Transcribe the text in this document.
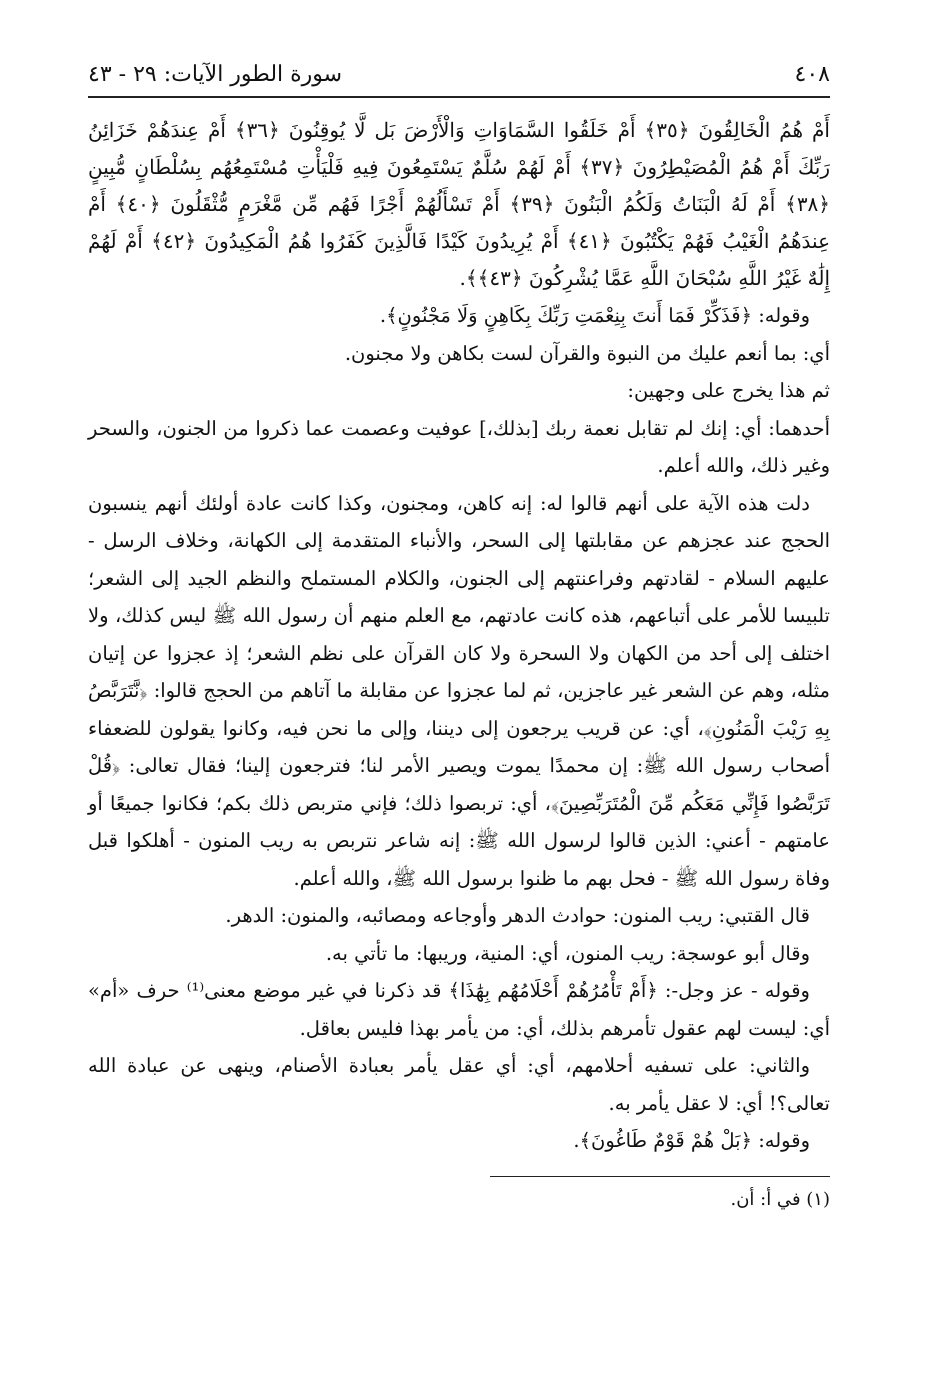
٤٠٨
سورة الطور الآيات: ٢٩ - ٤٣
أَمْ هُمُ الْخَالِقُونَ ﴿٣٥﴾ أَمْ خَلَقُوا السَّمَاوَاتِ وَالْأَرْضَ بَل لَّا يُوقِنُونَ ﴿٣٦﴾ أَمْ عِندَهُمْ خَزَائِنُ رَبِّكَ أَمْ هُمُ الْمُصَيْطِرُونَ ﴿٣٧﴾ أَمْ لَهُمْ سُلَّمٌ يَسْتَمِعُونَ فِيهِ فَلْيَأْتِ مُسْتَمِعُهُم بِسُلْطَانٍ مُّبِينٍ ﴿٣٨﴾ أَمْ لَهُ الْبَنَاتُ وَلَكُمُ الْبَنُونَ ﴿٣٩﴾ أَمْ تَسْأَلُهُمْ أَجْرًا فَهُم مِّن مَّغْرَمٍ مُّثْقَلُونَ ﴿٤٠﴾ أَمْ عِندَهُمُ الْغَيْبُ فَهُمْ يَكْتُبُونَ ﴿٤١﴾ أَمْ يُرِيدُونَ كَيْدًا فَالَّذِينَ كَفَرُوا هُمُ الْمَكِيدُونَ ﴿٤٢﴾ أَمْ لَهُمْ إِلَٰهٌ غَيْرُ اللَّهِ سُبْحَانَ اللَّهِ عَمَّا يُشْرِكُونَ ﴿٤٣﴾﴾.

وقوله: ﴿فَذَكِّرْ فَمَا أَنتَ بِنِعْمَتِ رَبِّكَ بِكَاهِنٍ وَلَا مَجْنُونٍ﴾.

أي: بما أنعم عليك من النبوة والقرآن لست بكاهن ولا مجنون.

ثم هذا يخرج على وجهين:

أحدهما: أي: إنك لم تقابل نعمة ربك [بذلك،] عوفيت وعصمت عما ذكروا من الجنون، والسحر وغير ذلك، والله أعلم.

دلت هذه الآية على أنهم قالوا له: إنه كاهن، ومجنون، وكذا كانت عادة أولئك أنهم ينسبون الحجج عند عجزهم عن مقابلتها إلى السحر، والأنباء المتقدمة إلى الكهانة، وخلاف الرسل - عليهم السلام - لقادتهم وفراعنتهم إلى الجنون، والكلام المستملح والنظم الجيد إلى الشعر؛ تلبيسا للأمر على أتباعهم، هذه كانت عادتهم، مع العلم منهم أن رسول الله ﷺ ليس كذلك، ولا اختلف إلى أحد من الكهان ولا السحرة ولا كان القرآن على نظم الشعر؛ إذ عجزوا عن إتيان مثله، وهم عن الشعر غير عاجزين، ثم لما عجزوا عن مقابلة ما آتاهم من الحجج قالوا: ﴿نَّتَرَبَّصُ بِهِ رَيْبَ الْمَنُونِ﴾، أي: عن قريب يرجعون إلى ديننا، وإلى ما نحن فيه، وكانوا يقولون للضعفاء أصحاب رسول الله ﷺ: إن محمدًا يموت ويصير الأمر لنا؛ فترجعون إلينا؛ فقال تعالى: ﴿قُلْ تَرَبَّصُوا فَإِنِّي مَعَكُم مِّنَ الْمُتَرَبِّصِينَ﴾، أي: تربصوا ذلك؛ فإني متربص ذلك بكم؛ فكانوا جميعًا أو عامتهم - أعني: الذين قالوا لرسول الله ﷺ: إنه شاعر نتربص به ريب المنون - أهلكوا قبل وفاة رسول الله ﷺ - فحل بهم ما ظنوا برسول الله ﷺ، والله أعلم.

قال القتبي: ريب المنون: حوادث الدهر وأوجاعه ومصائبه، والمنون: الدهر.

وقال أبو عوسجة: ريب المنون، أي: المنية، وريبها: ما تأتي به.

وقوله - عز وجل-: ﴿أَمْ تَأْمُرُهُمْ أَحْلَامُهُم بِهَٰذَا﴾ قد ذكرنا في غير موضع معنى⁽¹⁾ حرف «أم» أي: ليست لهم عقول تأمرهم بذلك، أي: من يأمر بهذا فليس بعاقل.

والثاني: على تسفيه أحلامهم، أي: أي عقل يأمر بعبادة الأصنام، وينهى عن عبادة الله تعالى؟! أي: لا عقل يأمر به.

وقوله: ﴿بَلْ هُمْ قَوْمٌ طَاغُونَ﴾.

(١) في أ: أن.
